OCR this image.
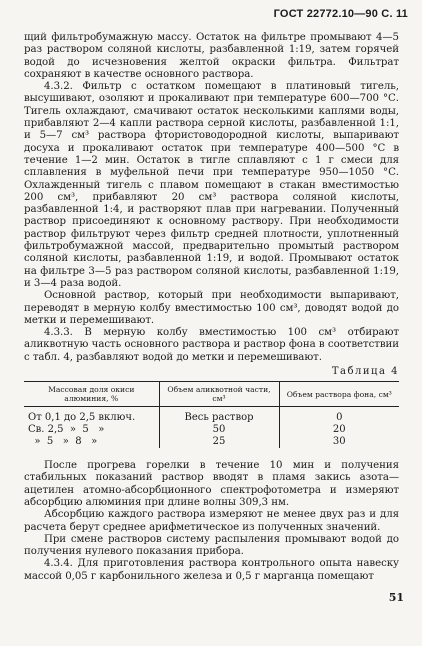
ГОСТ 22772.10—90 С. 11

щий фильтробумажную массу. Остаток на фильтре промывают 4—5 раз раствором соляной кислоты, разбавленной 1:19, затем горячей водой до исчезновения желтой окраски фильтра. Фильтрат сохраняют в качестве основного раствора.

4.3.2. Фильтр с остатком помещают в платиновый тигель, высушивают, озоляют и прокаливают при температуре 600—700 °С. Тигель охлаждают, смачивают остаток несколькими каплями воды, прибавляют 2—4 капли раствора серной кислоты, разбавленной 1:1, и 5—7 см³ раствора фтористоводородной кислоты, выпаривают досуха и прокаливают остаток при температуре 400—500 °С в течение 1—2 мин. Остаток в тигле сплавляют с 1 г смеси для сплавления в муфельной печи при температуре 950—1050 °С. Охлажденный тигель с плавом помещают в стакан вместимостью 200 см³, прибавляют 20 см³ раствора соляной кислоты, разбавленной 1:4, и растворяют плав при нагревании. Полученный раствор присоединяют к основному раствору. При необходимости раствор фильтруют через фильтр средней плотности, уплотненный фильтробумажной массой, предварительно промытый раствором соляной кислоты, разбавленной 1:19, и водой. Промывают остаток на фильтре 3—5 раз раствором соляной кислоты, разбавленной 1:19, и 3—4 раза водой.

Основной раствор, который при необходимости выпаривают, переводят в мерную колбу вместимостью 100 см³, доводят водой до метки и перемешивают.

4.3.3. В мерную колбу вместимостью 100 см³ отбирают аликвотную часть основного раствора и раствор фона в соответствии с табл. 4, разбавляют водой до метки и перемешивают.

Таблица 4
Массовая доля окиси алюминия, %	Объем аликвотной части, см³	Объем раствора фона, см³
От 0,1 до 2,5 включ.	Весь раствор	0
Св. 2,5  »  5   »	50	20
»  5   »  8   »	25	30

После прогрева горелки в течение 10 мин и получения стабильных показаний раствор вводят в пламя закись азота—ацетилен атомно-абсорбционного спектрофотометра и измеряют абсорбцию алюминия при длине волны 309,3 нм.

Абсорбцию каждого раствора измеряют не менее двух раз и для расчета берут среднее арифметическое из полученных значений.

При смене растворов систему распыления промывают водой до получения нулевого показания прибора.

4.3.4. Для приготовления раствора контрольного опыта навеску массой 0,05 г карбонильного железа и 0,5 г марганца помещают

51
